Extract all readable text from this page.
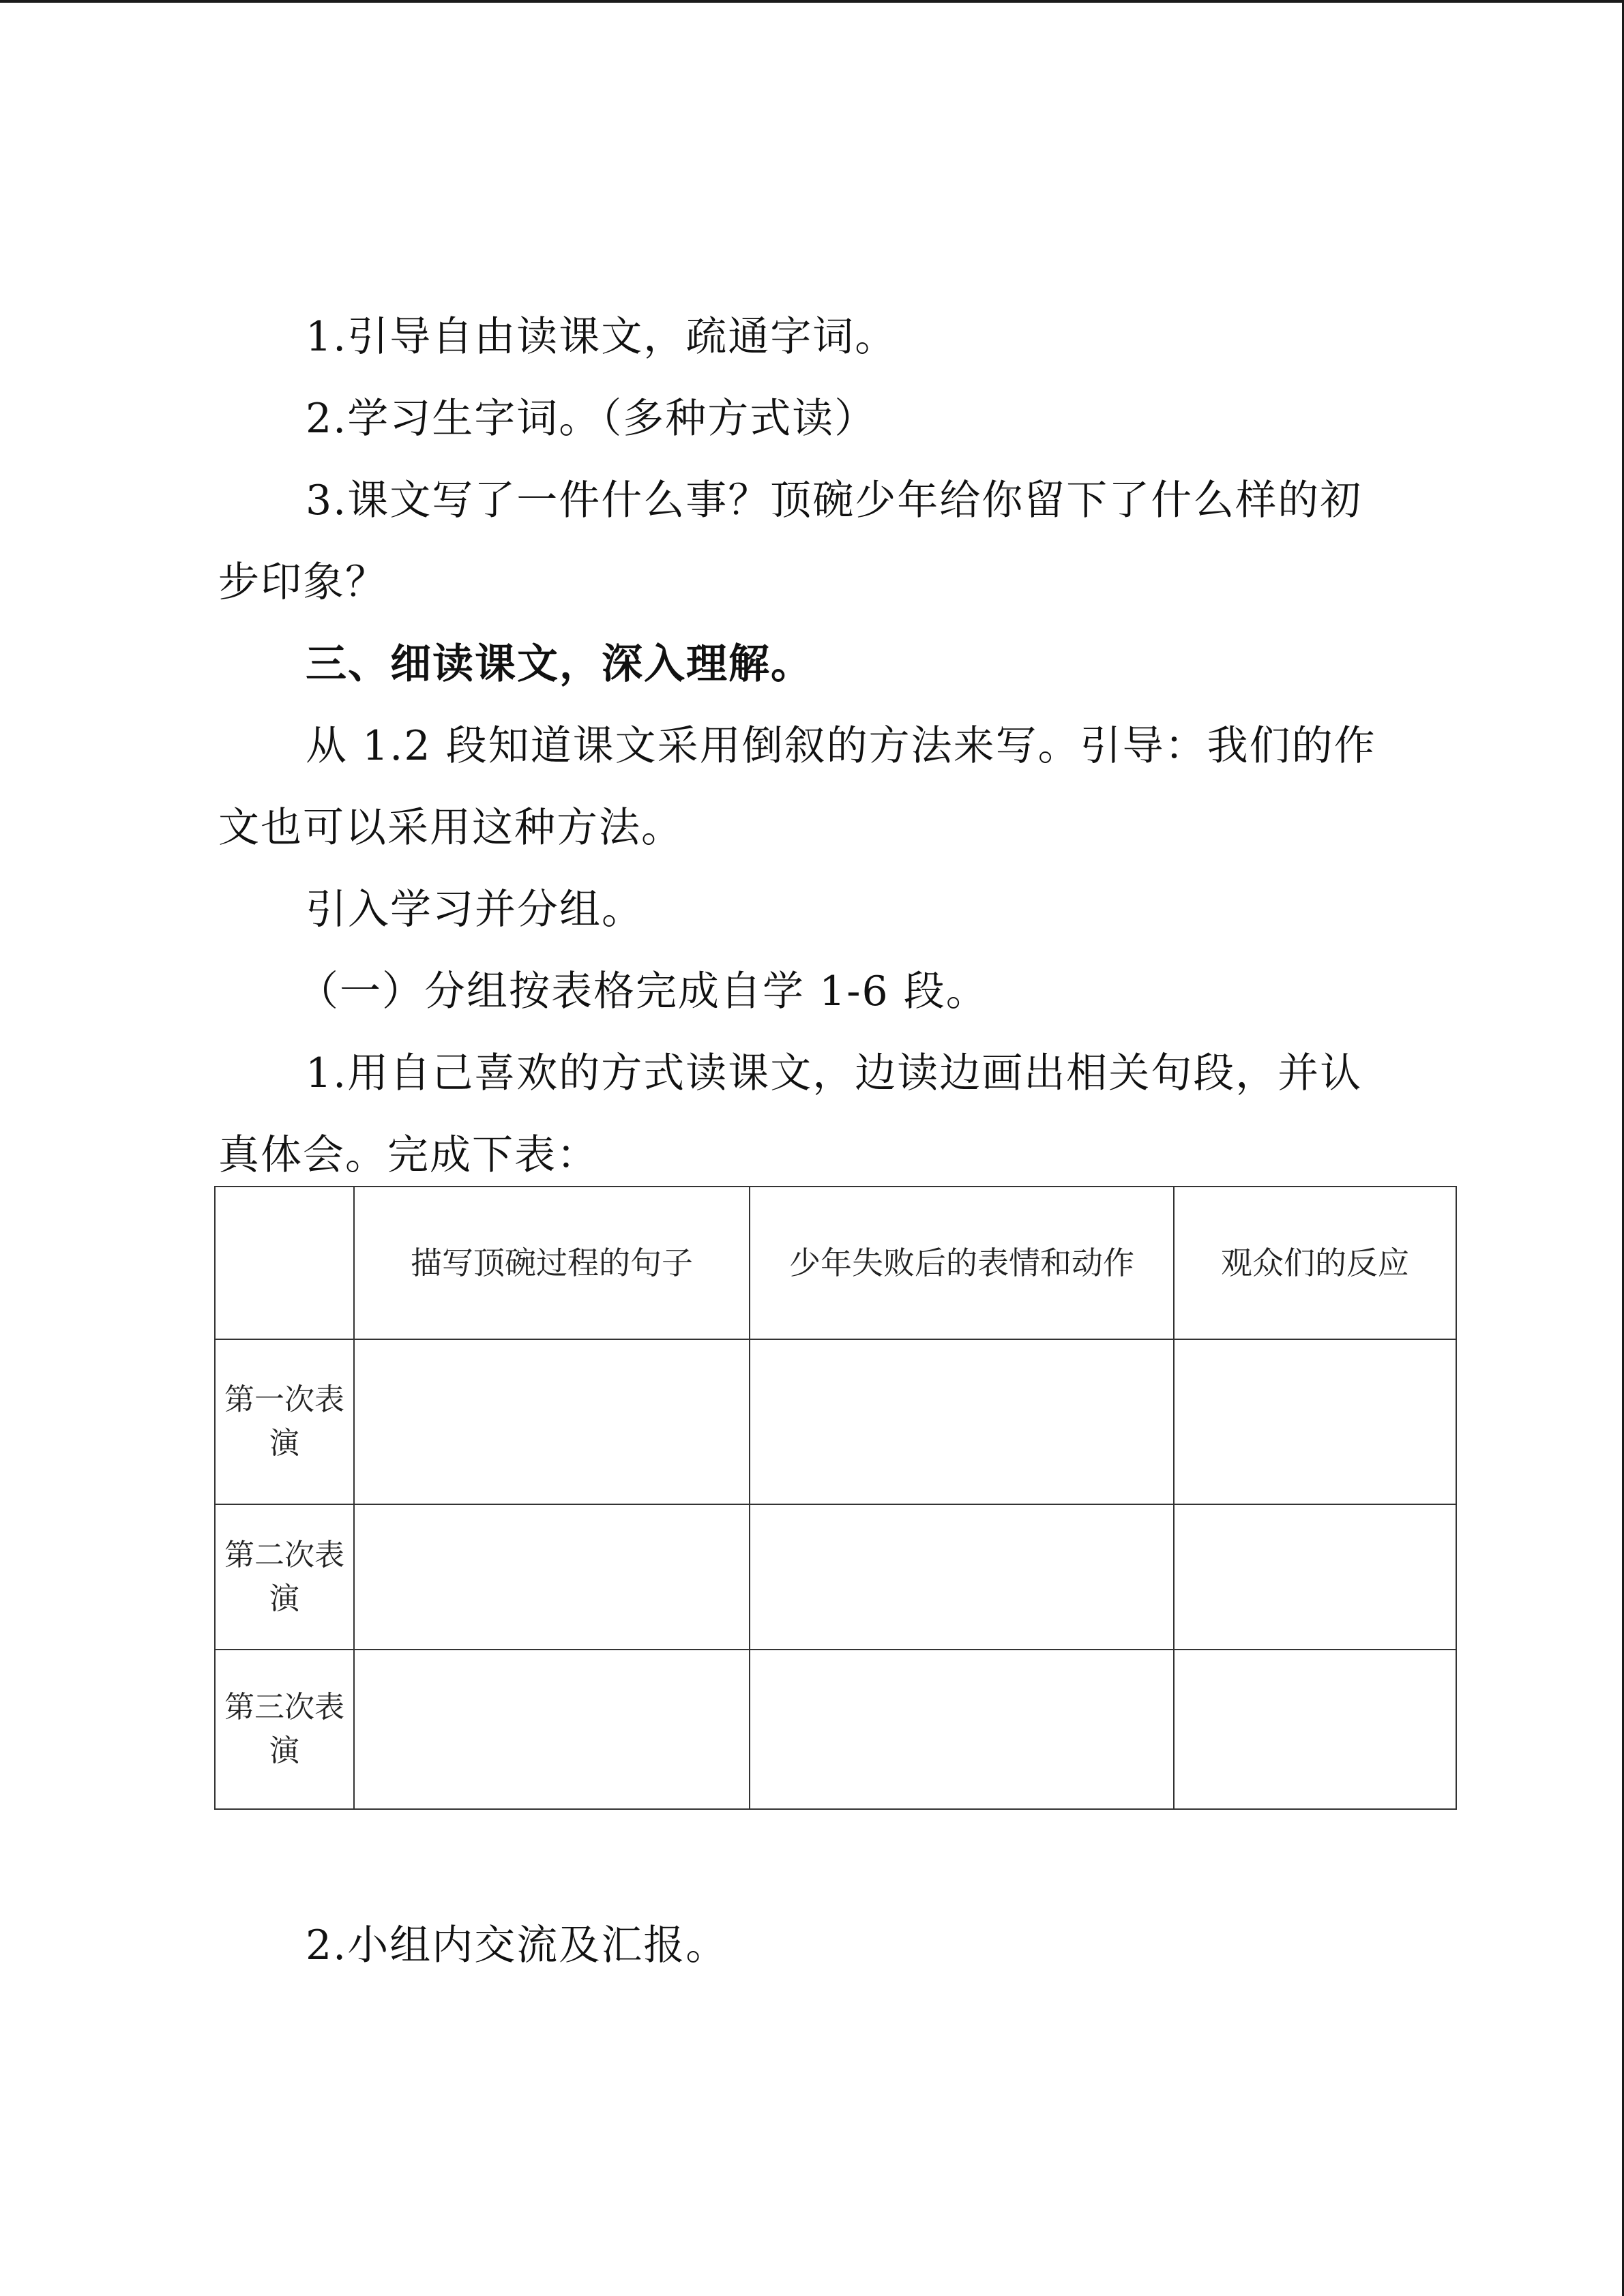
1.引导自由读课文，疏通字词。
2.学习生字词。（多种方式读）
3.课文写了一件什么事？顶碗少年给你留下了什么样的初
步印象？
三、细读课文，深入理解。
从 1.2 段知道课文采用倒叙的方法来写。引导：我们的作
文也可以采用这种方法。
引入学习并分组。
（一）分组按表格完成自学 1-6 段。
1.用自己喜欢的方式读课文，边读边画出相关句段，并认
真体会。完成下表：
	描写顶碗过程的句子	少年失败后的表情和动作	观众们的反应

第一次表
演			

第二次表
演			

第三次表
演			

2.小组内交流及汇报。
